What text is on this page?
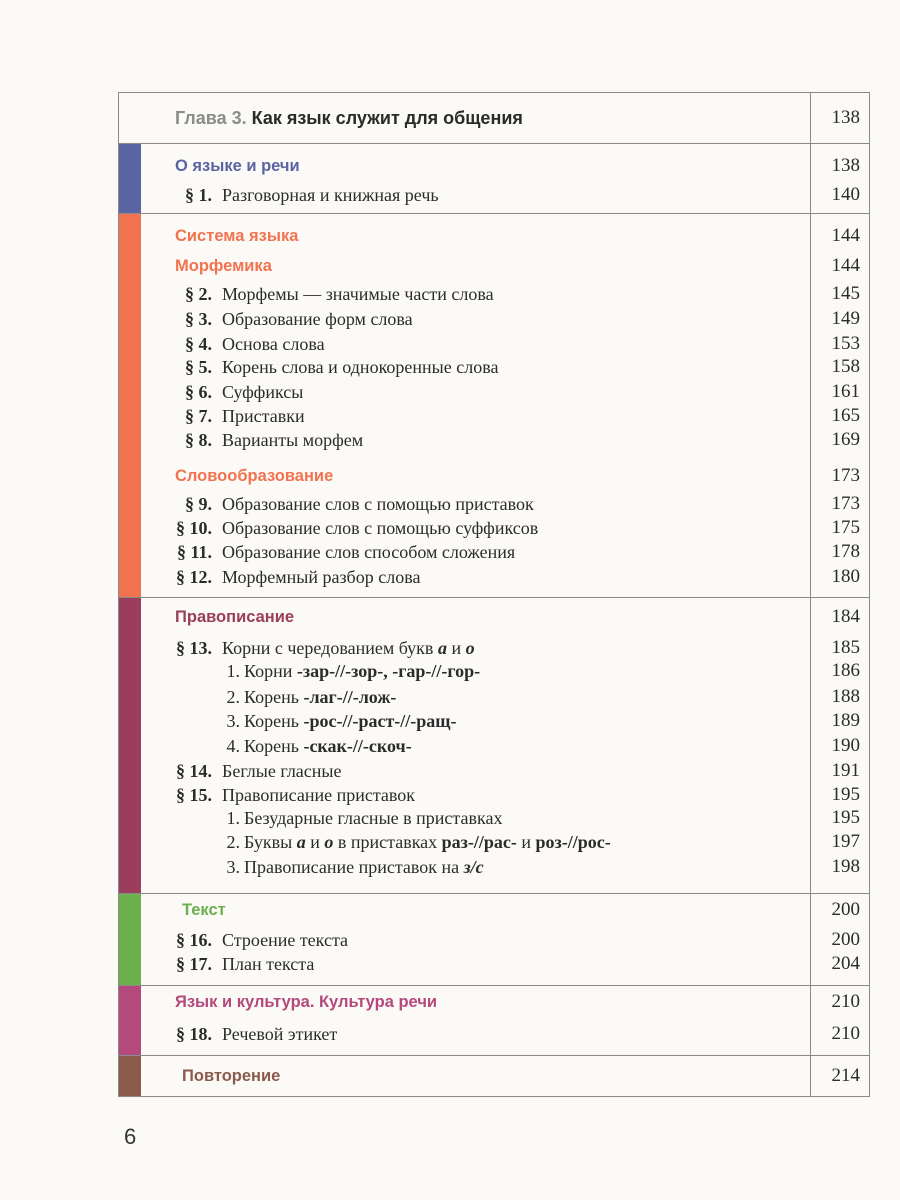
Глава 3. Как язык служит для общения	138
О языке и речи	138
§ 1. Разговорная и книжная речь	140
Система языка	144
Морфемика	144
§ 2. Морфемы — значимые части слова	145
§ 3. Образование форм слова	149
§ 4. Основа слова	153
§ 5. Корень слова и однокоренные слова	158
§ 6. Суффиксы	161
§ 7. Приставки	165
§ 8. Варианты морфем	169
Словообразование	173
§ 9. Образование слов с помощью приставок	173
§ 10. Образование слов с помощью суффиксов	175
§ 11. Образование слов способом сложения	178
§ 12. Морфемный разбор слова	180
Правописание	184
§ 13. Корни с чередованием букв а и о	185
1. Корни -зар-//-зор-, -гар-//-гор-	186
2. Корень -лаг-//-лож-	188
3. Корень -рос-//-раст-//-ращ-	189
4. Корень -скак-//-скоч-	190
§ 14. Беглые гласные	191
§ 15. Правописание приставок	195
1. Безударные гласные в приставках	195
2. Буквы а и о в приставках раз-//рас- и роз-//рос-	197
3. Правописание приставок на з/с	198
Текст	200
§ 16. Строение текста	200
§ 17. План текста	204
Язык и культура. Культура речи	210
§ 18. Речевой этикет	210
Повторение	214
6
